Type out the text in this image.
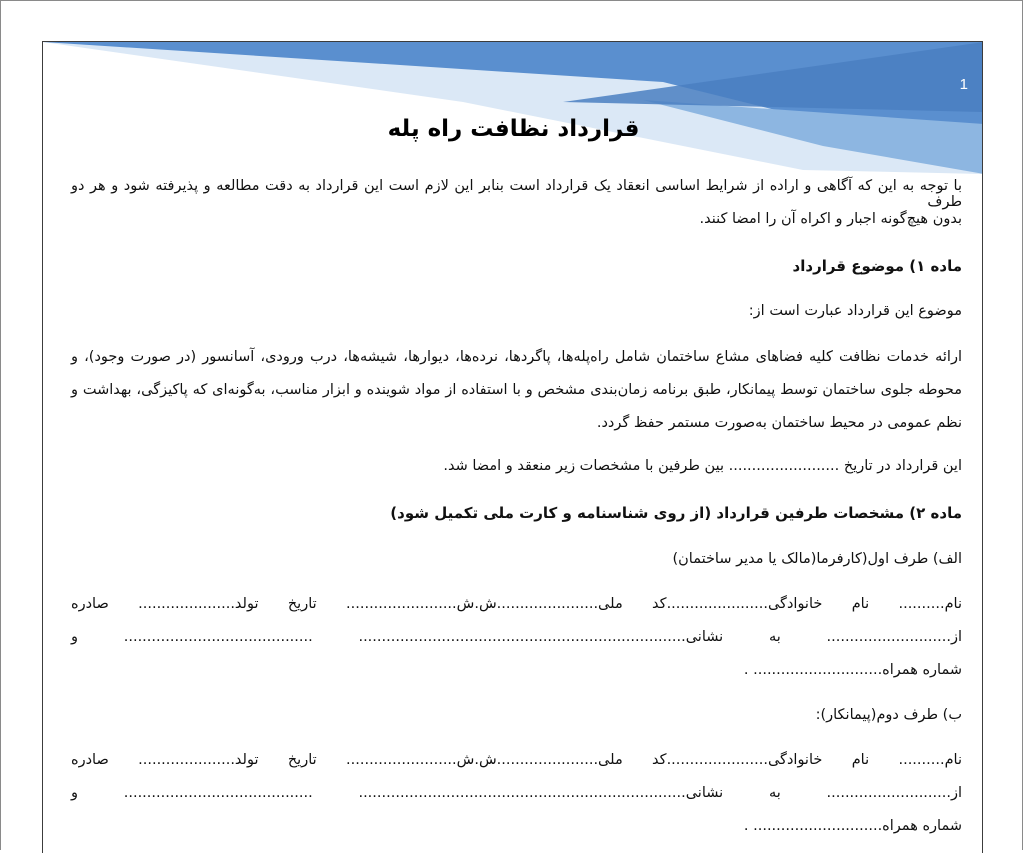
1
قرارداد نظافت راه پله
با توجه به این که آگاهی و اراده از شرایط اساسی انعقاد یک قرارداد است بنابر این لازم است این قرارداد به دقت مطالعه و پذیرفته شود و هر دو طرف
بدون هیچ‌گونه اجبار و اکراه آن را امضا کنند.
ماده ۱) موضوع قرارداد
موضوع این قرارداد عبارت است از:
ارائه خدمات نظافت کلیه فضاهای مشاع ساختمان شامل راه‌پله‌ها، پاگردها، نرده‌ها، دیوارها، شیشه‌ها، درب ورودی، آسانسور (در صورت وجود)، و
محوطه جلوی ساختمان توسط پیمانکار، طبق برنامه زمان‌بندی مشخص و با استفاده از مواد شوینده و ابزار مناسب، به‌گونه‌ای که پاکیزگی، بهداشت و
نظم عمومی در محیط ساختمان به‌صورت مستمر حفظ گردد.
این قرارداد در تاریخ ........................ بین طرفین با مشخصات زیر منعقد و امضا شد.
ماده ۲) مشخصات طرفین قرارداد (از روی شناسنامه و کارت ملی تکمیل شود)
الف) طرف اول(کارفرما(مالک یا مدیر ساختمان)
نام.......... نام خانوادگی......................کد ملی......................ش.ش........................ تاریخ تولد..................... صادره
از........................... به نشانی....................................................................... ......................................... و
شماره همراه............................ .
ب) طرف دوم(پیمانکار):
نام.......... نام خانوادگی......................کد ملی......................ش.ش........................ تاریخ تولد..................... صادره
از........................... به نشانی....................................................................... ......................................... و
شماره همراه............................ .
